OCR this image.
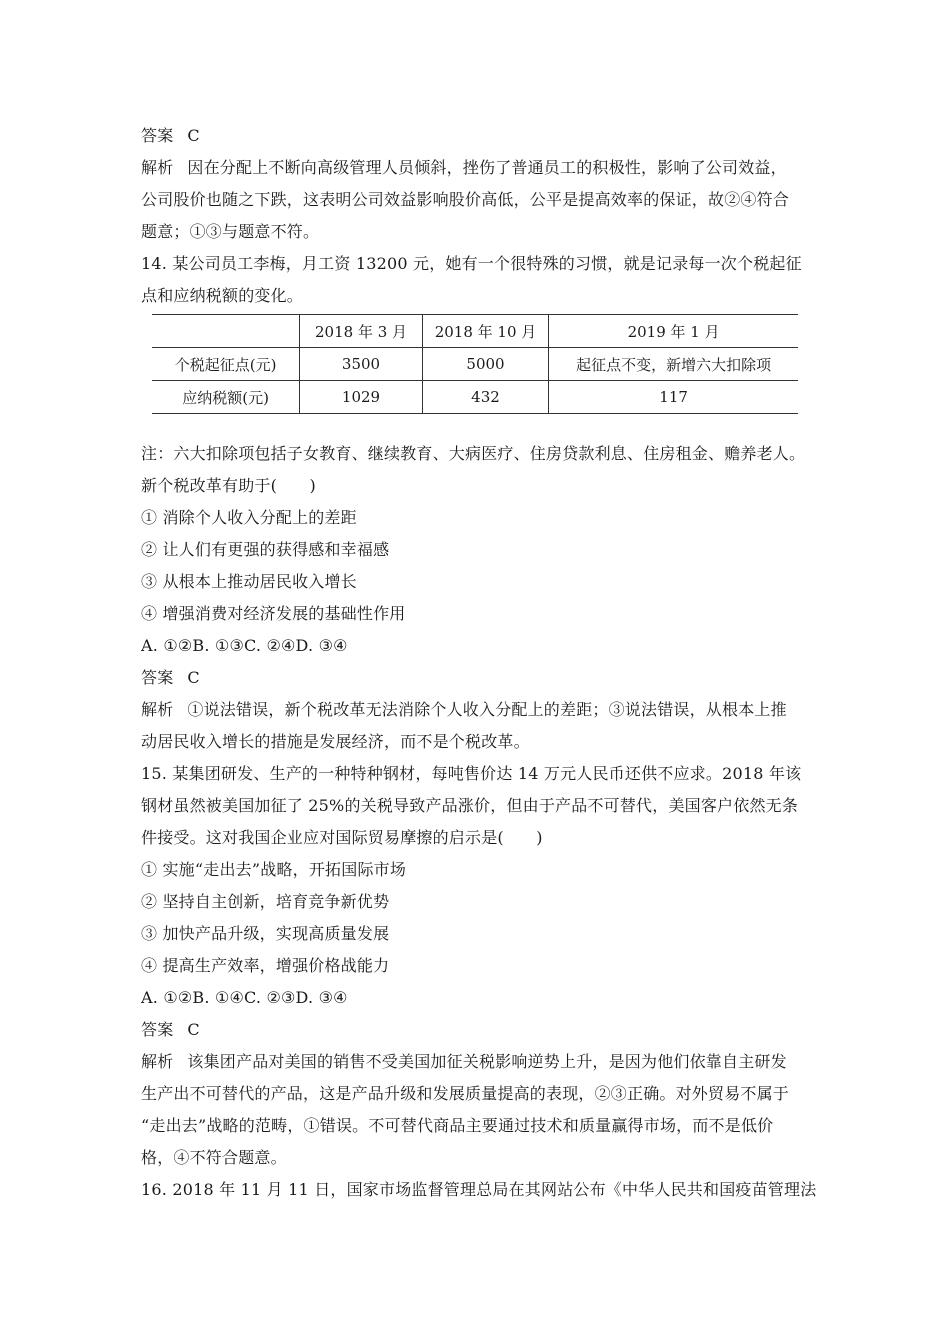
答案 C
解析 因在分配上不断向高级管理人员倾斜，挫伤了普通员工的积极性，影响了公司效益，
公司股价也随之下跌，这表明公司效益影响股价高低，公平是提高效率的保证，故②④符合
题意；①③与题意不符。
14. 某公司员工李梅，月工资 13200 元，她有一个很特殊的习惯，就是记录每一次个税起征
点和应纳税额的变化。
	2018 年 3 月	2018 年 10 月	2019 年 1 月
个税起征点(元)	3500	5000	起征点不变，新增六大扣除项
应纳税额(元)	1029	432	117
注：六大扣除项包括子女教育、继续教育、大病医疗、住房贷款利息、住房租金、赡养老人。
新个税改革有助于(　　)
① 消除个人收入分配上的差距
② 让人们有更强的获得感和幸福感
③ 从根本上推动居民收入增长
④ 增强消费对经济发展的基础性作用
A. ①②B. ①③C. ②④D. ③④
答案 C
解析 ①说法错误，新个税改革无法消除个人收入分配上的差距；③说法错误，从根本上推
动居民收入增长的措施是发展经济，而不是个税改革。
15. 某集团研发、生产的一种特种钢材，每吨售价达 14 万元人民币还供不应求。2018 年该
钢材虽然被美国加征了 25%的关税导致产品涨价，但由于产品不可替代，美国客户依然无条
件接受。这对我国企业应对国际贸易摩擦的启示是(　　)
① 实施“走出去”战略，开拓国际市场
② 坚持自主创新，培育竞争新优势
③ 加快产品升级，实现高质量发展
④ 提高生产效率，增强价格战能力
A. ①②B. ①④C. ②③D. ③④
答案 C
解析 该集团产品对美国的销售不受美国加征关税影响逆势上升，是因为他们依靠自主研发
生产出不可替代的产品，这是产品升级和发展质量提高的表现，②③正确。对外贸易不属于
“走出去”战略的范畴，①错误。不可替代商品主要通过技术和质量赢得市场，而不是低价
格，④不符合题意。
16. 2018 年 11 月 11 日，国家市场监督管理总局在其网站公布《中华人民共和国疫苗管理法
